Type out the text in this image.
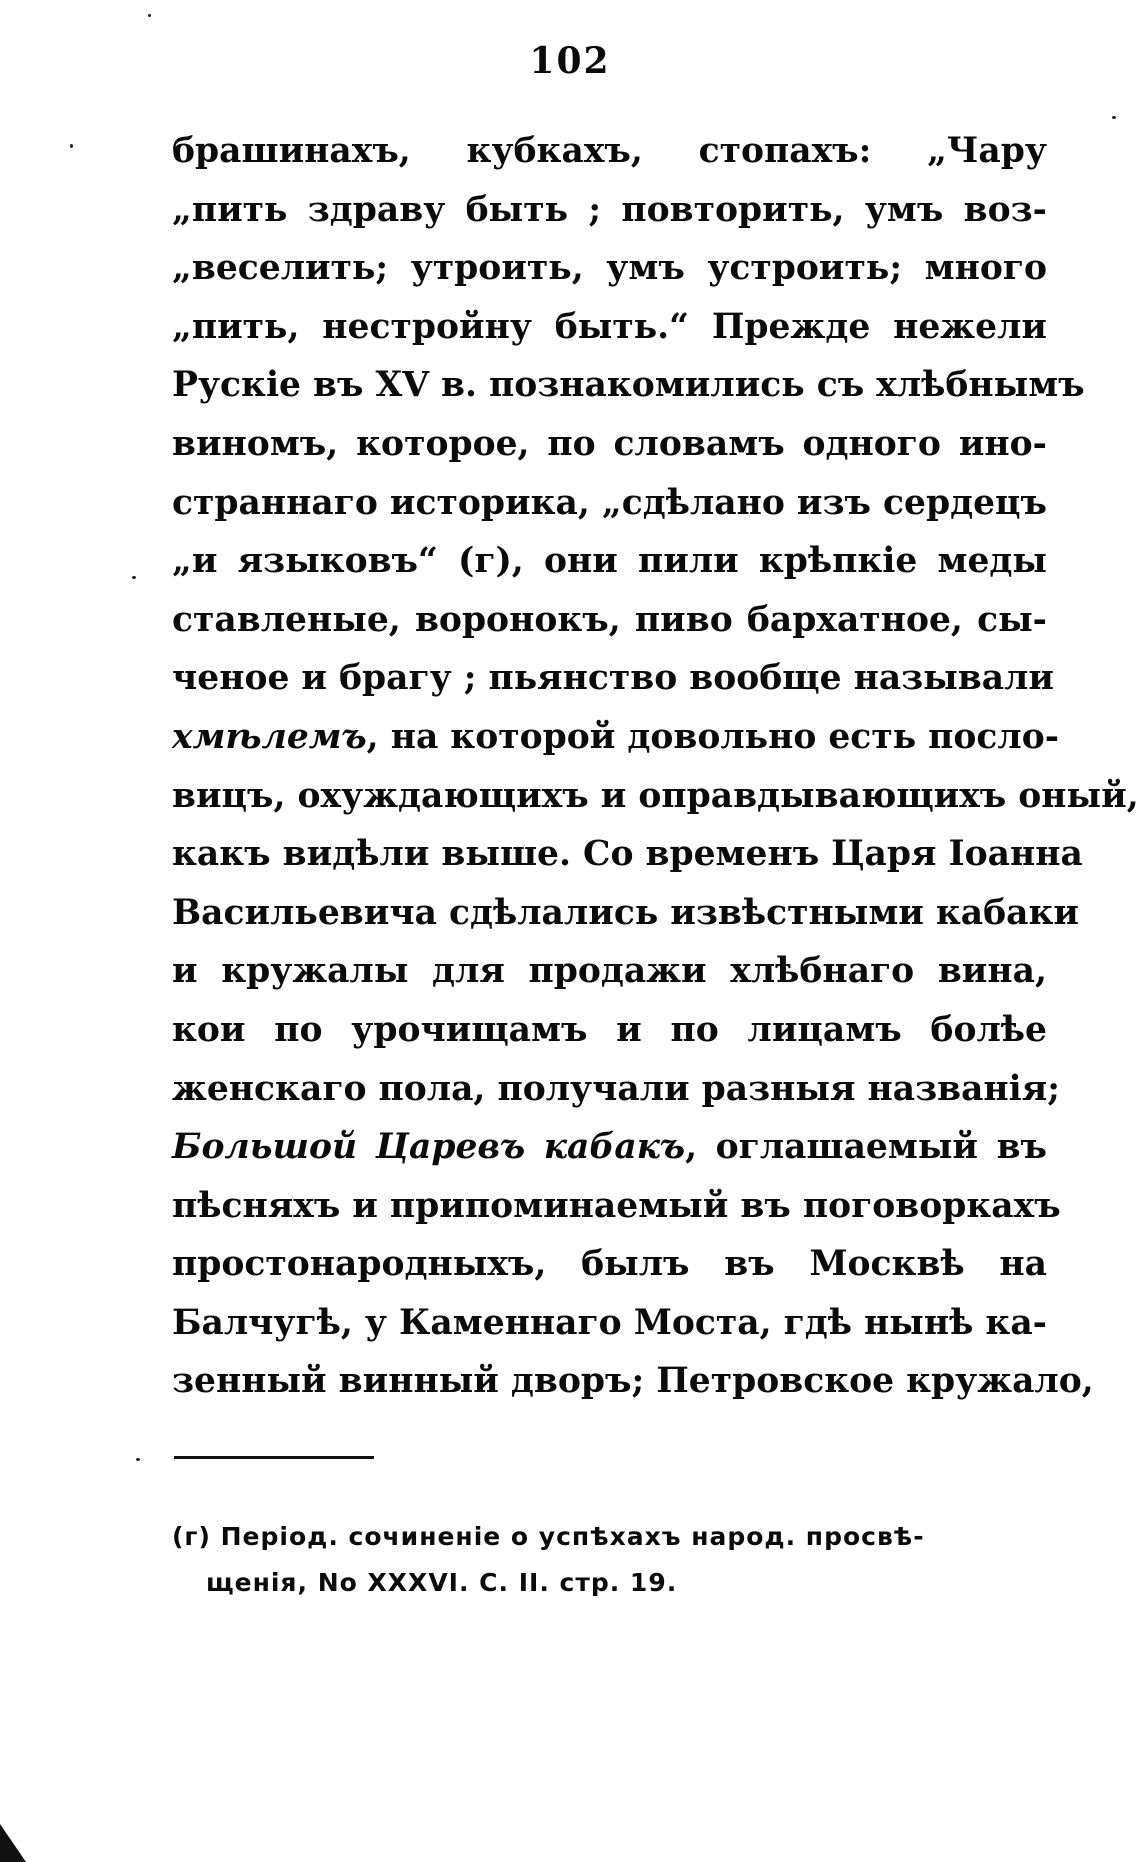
102
брашинахъ, кубкахъ, стопахъ: „Чару
„пить здраву быть ; повторить, умъ воз-
„веселить; утроить, умъ устроить; много
„пить, нестройну быть.“ Прежде нежели
Рускіе въ XV в. познакомились съ хлѣбнымъ
виномъ, которое, по словамъ одного ино-
страннаго историка, „сдѣлано изъ сердецъ
„и языковъ“ (г), они пили крѣпкіе меды
ставленые, воронокъ, пиво бархатное, сы-
ченое и брагу ; пьянство вообще называли
хмѣлемъ, на которой довольно есть посло-
вицъ, охуждающихъ и оправдывающихъ оный,
какъ видѣли выше. Со временъ Царя Іоанна
Васильевича сдѣлались извѣстными кабаки
и кружалы для продажи хлѣбнаго вина,
кои по урочищамъ и по лицамъ болѣе
женскаго пола, получали разныя названія;
Большой Царевъ кабакъ, оглашаемый въ
пѣсняхъ и припоминаемый въ поговоркахъ
простонародныхъ, былъ въ Москвѣ на
Балчугѣ, у Каменнаго Моста, гдѣ нынѣ ка-
зенный винный дворъ; Петровское кружало,
(г) Період. сочиненіе о успѣхахъ народ. просвѣ-
щенія, No XXXVI. С. II. стр. 19.
